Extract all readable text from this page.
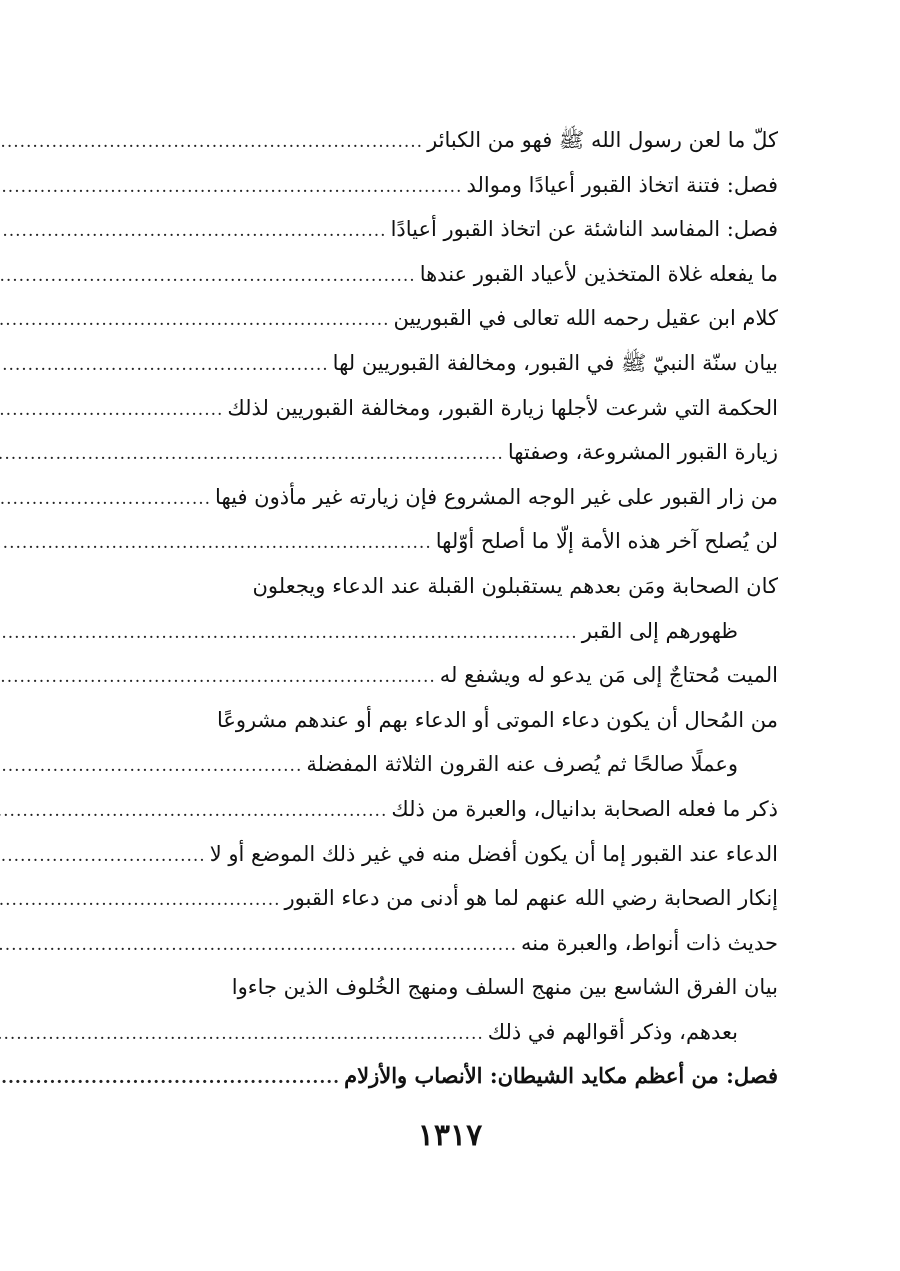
كلّ ما لعن رسول الله ﷺ فهو من الكبائر
.....
فصل: فتنة اتخاذ القبور أعيادًا وموالد
.....
فصل: المفاسد الناشئة عن اتخاذ القبور أعيادًا
.....
ما يفعله غلاة المتخذين لأعياد القبور عندها
.....
كلام ابن عقيل رحمه الله تعالى في القبوريين
.....
بيان سنّة النبيّ ﷺ في القبور، ومخالفة القبوريين لها
.....
الحكمة التي شرعت لأجلها زيارة القبور، ومخالفة القبوريين لذلك
.....
زيارة القبور المشروعة، وصفتها
.....
من زار القبور على غير الوجه المشروع فإن زيارته غير مأذون فيها
.....
لن يُصلح آخر هذه الأمة إلّا ما أصلح أوّلها
.....
كان الصحابة ومَن بعدهم يستقبلون القبلة عند الدعاء ويجعلون
ظهورهم إلى القبر
.....
الميت مُحتاجٌ إلى مَن يدعو له ويشفع له
.....
من المُحال أن يكون دعاء الموتى أو الدعاء بهم أو عندهم مشروعًا
وعملًا صالحًا ثم يُصرف عنه القرون الثلاثة المفضلة
.....
ذكر ما فعله الصحابة بدانيال، والعبرة من ذلك
.....
الدعاء عند القبور إما أن يكون أفضل منه في غير ذلك الموضع أو لا
.....
إنكار الصحابة رضي الله عنهم لما هو أدنى من دعاء القبور
.....
حديث ذات أنواط، والعبرة منه
.....
بيان الفرق الشاسع بين منهج السلف ومنهج الخُلوف الذين جاءوا
بعدهم، وذكر أقوالهم في ذلك
.....
فصل: من أعظم مكايد الشيطان: الأنصاب والأزلام
.....
١٣١٧
